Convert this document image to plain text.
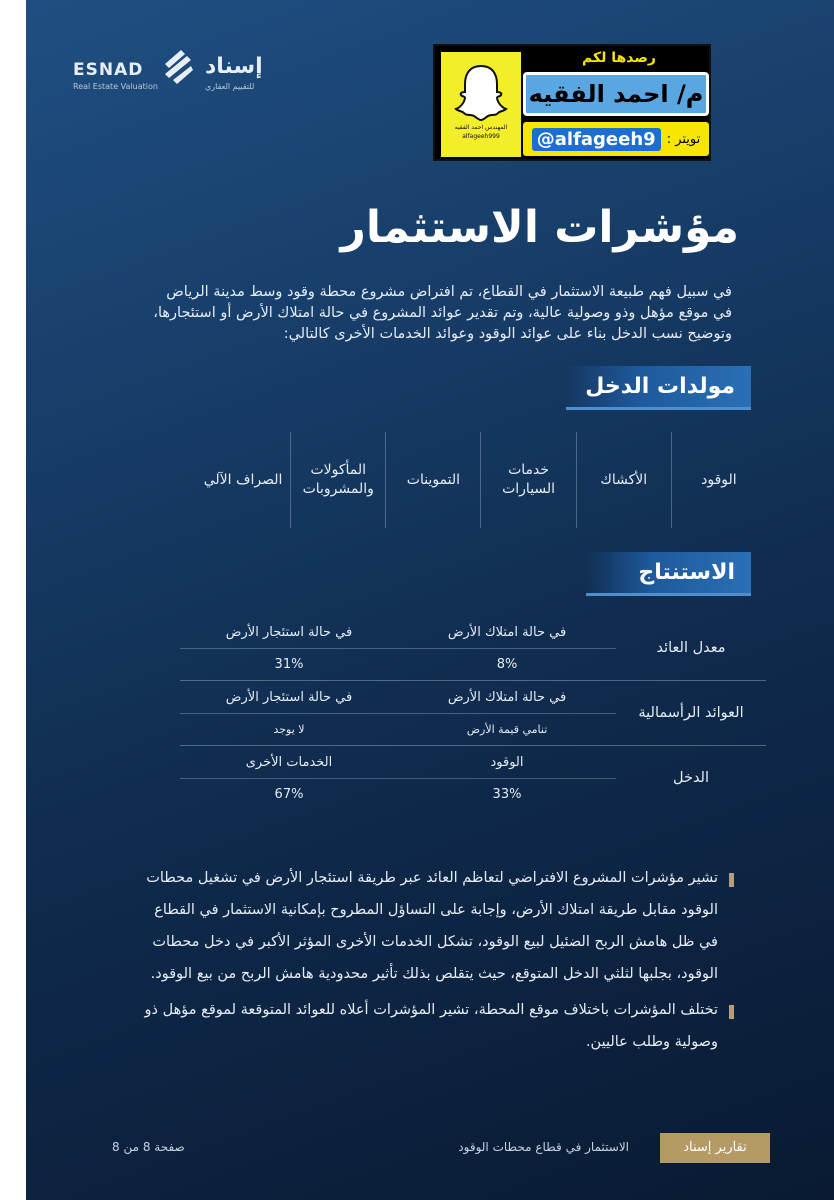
المهندس احمد الفقيه
alfageeh999
رصدها لكم
م/ احمد الفقيه
@alfageeh9 تويتر :
ESNAD
Real Estate Valuation
إسناد
للتقييم العقاري
مؤشرات الاستثمار

في سبيل فهم طبيعة الاستثمار في القطاع، تم افتراض مشروع محطة وقود وسط مدينة الرياض في موقع مؤهل وذو وصولية عالية، وتم تقدير عوائد المشروع في حالة امتلاك الأرض أو استئجارها، وتوضيح نسب الدخل بناء على عوائد الوقود وعوائد الخدمات الأخرى كالتالي:

مولدات الدخل
الوقود
الأكشاك
خدمات
السيارات
التموينات
المأكولات
والمشروبات
الصراف الآلي
الاستنتاج
معدل العائد
في حالة امتلاك الأرض
في حالة استئجار الأرض
8%
31%
العوائد الرأسمالية
في حالة امتلاك الأرض
في حالة استئجار الأرض
تنامي قيمة الأرض
لا يوجد
الدخل
الوقود
الخدمات الأخرى
33%
67%
تشير مؤشرات المشروع الافتراضي لتعاظم العائد عبر طريقة استئجار الأرض في تشغيل محطات الوقود مقابل طريقة امتلاك الأرض، وإجابة على التساؤل المطروح بإمكانية الاستثمار في القطاع في ظل هامش الربح الضئيل لبيع الوقود، تشكل الخدمات الأخرى المؤثر الأكبر في دخل محطات الوقود، بجلبها لثلثي الدخل المتوقع، حيث يتقلص بذلك تأثير محدودية هامش الربح من بيع الوقود.
تختلف المؤشرات باختلاف موقع المحطة، تشير المؤشرات أعلاه للعوائد المتوقعة لموقع مؤهل ذو وصولية وطلب عاليين.
تقارير إسناد
الاستثمار في قطاع محطات الوقود
صفحة 8 من 8
